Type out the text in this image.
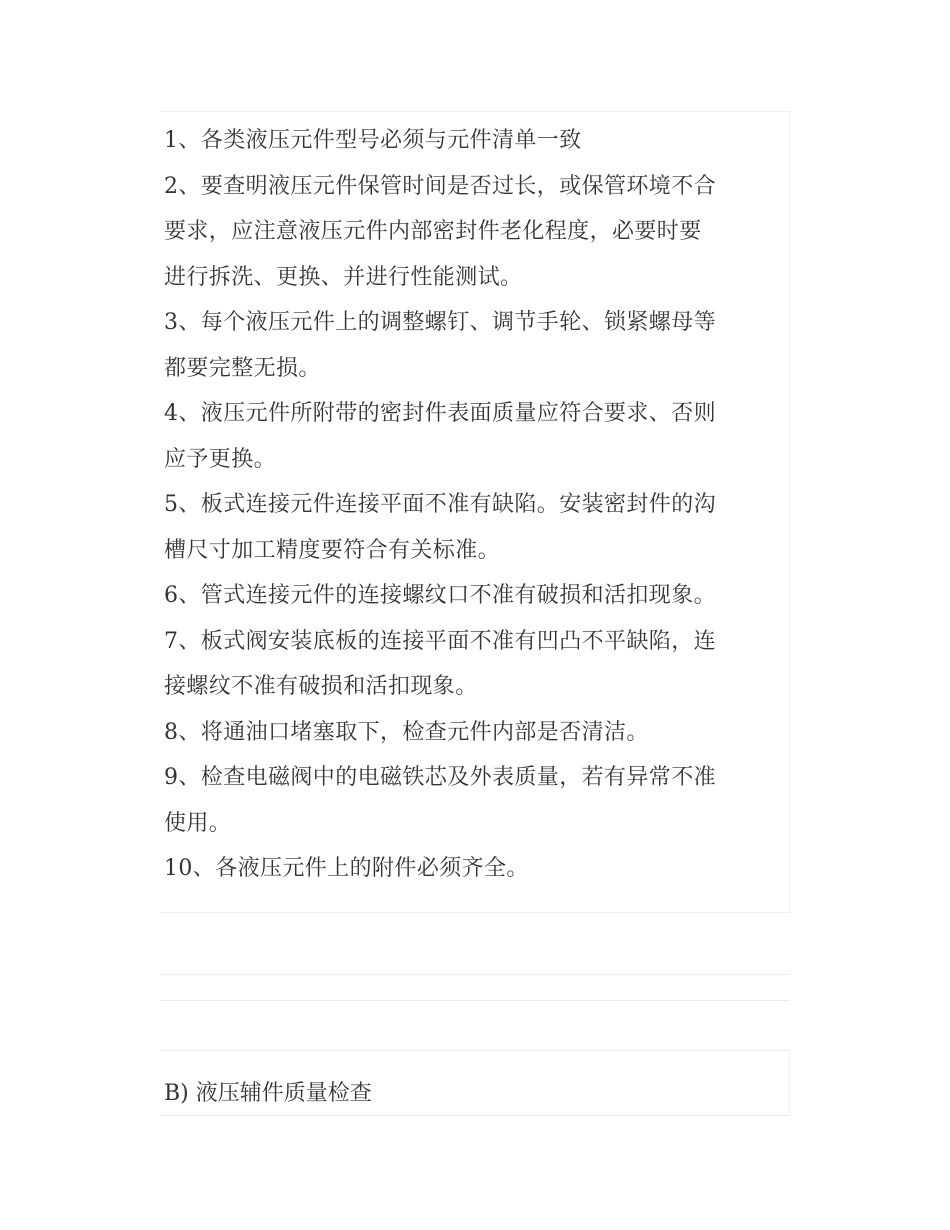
1、各类液压元件型号必须与元件清单一致
2、要查明液压元件保管时间是否过长，或保管环境不合
要求，应注意液压元件内部密封件老化程度，必要时要
进行拆洗、更换、并进行性能测试。
3、每个液压元件上的调整螺钉、调节手轮、锁紧螺母等
都要完整无损。
4、液压元件所附带的密封件表面质量应符合要求、否则
应予更换。
5、板式连接元件连接平面不准有缺陷。安装密封件的沟
槽尺寸加工精度要符合有关标准。
6、管式连接元件的连接螺纹口不准有破损和活扣现象。
7、板式阀安装底板的连接平面不准有凹凸不平缺陷，连
接螺纹不准有破损和活扣现象。
8、将通油口堵塞取下，检查元件内部是否清洁。
9、检查电磁阀中的电磁铁芯及外表质量，若有异常不准
使用。
10、各液压元件上的附件必须齐全。
B) 液压辅件质量检查
